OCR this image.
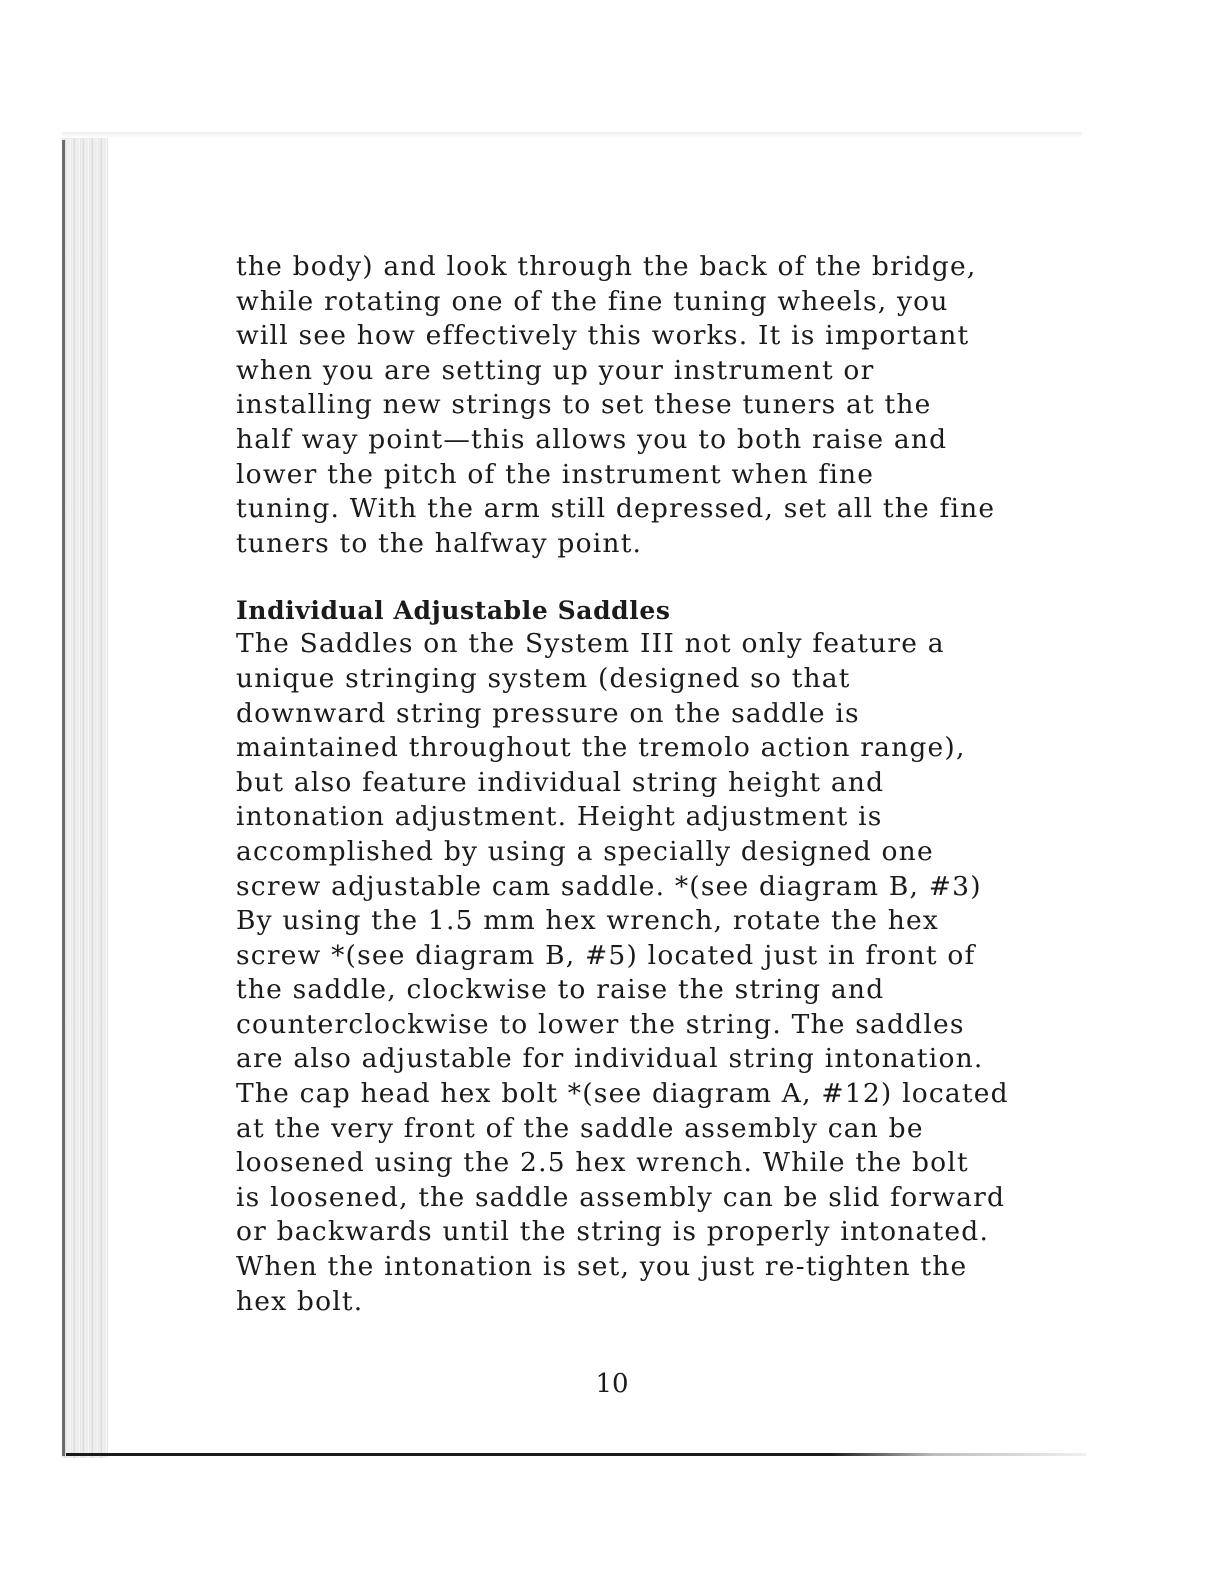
the body) and look through the back of the bridge,
while rotating one of the fine tuning wheels, you
will see how effectively this works. It is important
when you are setting up your instrument or
installing new strings to set these tuners at the
half way point—this allows you to both raise and
lower the pitch of the instrument when fine
tuning. With the arm still depressed, set all the fine
tuners to the halfway point.

Individual Adjustable Saddles

The Saddles on the System III not only feature a
unique stringing system (designed so that
downward string pressure on the saddle is
maintained throughout the tremolo action range),
but also feature individual string height and
intonation adjustment. Height adjustment is
accomplished by using a specially designed one
screw adjustable cam saddle. *(see diagram B, #3)
By using the 1.5 mm hex wrench, rotate the hex
screw *(see diagram B, #5) located just in front of
the saddle, clockwise to raise the string and
counterclockwise to lower the string. The saddles
are also adjustable for individual string intonation.
The cap head hex bolt *(see diagram A, #12) located
at the very front of the saddle assembly can be
loosened using the 2.5 hex wrench. While the bolt
is loosened, the saddle assembly can be slid forward
or backwards until the string is properly intonated.
When the intonation is set, you just re-tighten the
hex bolt.

10
